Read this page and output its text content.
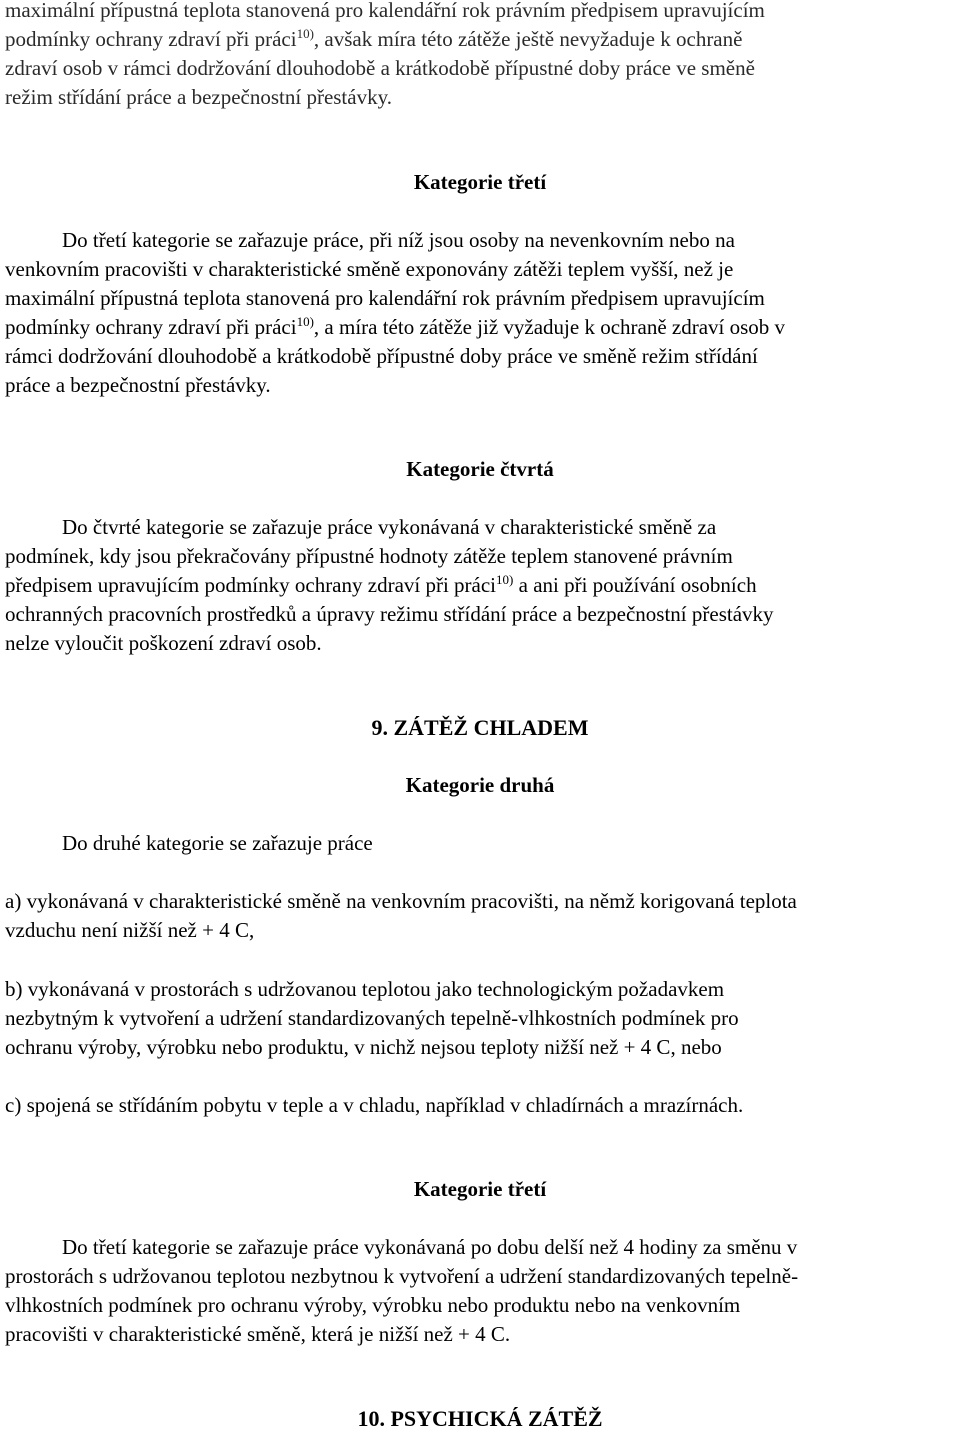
maximální přípustná teplota stanovená pro kalendářní rok právním předpisem upravujícím
podmínky ochrany zdraví při práci$^{10)}$, avšak míra této zátěže ještě nevyžaduje k ochraně
zdraví osob v rámci dodržování dlouhodobě a krátkodobě přípustné doby práce ve směně
režim střídání práce a bezpečnostní přestávky.
Kategorie třetí
Do třetí kategorie se zařazuje práce, při níž jsou osoby na nevenkovním nebo na
venkovním pracovišti v charakteristické směně exponovány zátěži teplem vyšší, než je
maximální přípustná teplota stanovená pro kalendářní rok právním předpisem upravujícím
podmínky ochrany zdraví při práci$^{10)}$, a míra této zátěže již vyžaduje k ochraně zdraví osob v
rámci dodržování dlouhodobě a krátkodobě přípustné doby práce ve směně režim střídání
práce a bezpečnostní přestávky.
Kategorie čtvrtá
Do čtvrté kategorie se zařazuje práce vykonávaná v charakteristické směně za
podmínek, kdy jsou překračovány přípustné hodnoty zátěže teplem stanovené právním
předpisem upravujícím podmínky ochrany zdraví při práci$^{10)}$ a ani při používání osobních
ochranných pracovních prostředků a úpravy režimu střídání práce a bezpečnostní přestávky
nelze vyloučit poškození zdraví osob.
9. ZÁTĚŽ CHLADEM
Kategorie druhá
Do druhé kategorie se zařazuje práce
a) vykonávaná v charakteristické směně na venkovním pracovišti, na němž korigovaná teplota
vzduchu není nižší než + 4 C,
b) vykonávaná v prostorách s udržovanou teplotou jako technologickým požadavkem
nezbytným k vytvoření a udržení standardizovaných tepelně-vlhkostních podmínek pro
ochranu výroby, výrobku nebo produktu, v nichž nejsou teploty nižší než + 4 C, nebo
c) spojená se střídáním pobytu v teple a v chladu, například v chladírnách a mrazírnách.
Kategorie třetí
Do třetí kategorie se zařazuje práce vykonávaná po dobu delší než 4 hodiny za směnu v
prostorách s udržovanou teplotou nezbytnou k vytvoření a udržení standardizovaných tepelně-
vlhkostních podmínek pro ochranu výroby, výrobku nebo produktu nebo na venkovním
pracovišti v charakteristické směně, která je nižší než + 4 C.
10. PSYCHICKÁ ZÁTĚŽ
